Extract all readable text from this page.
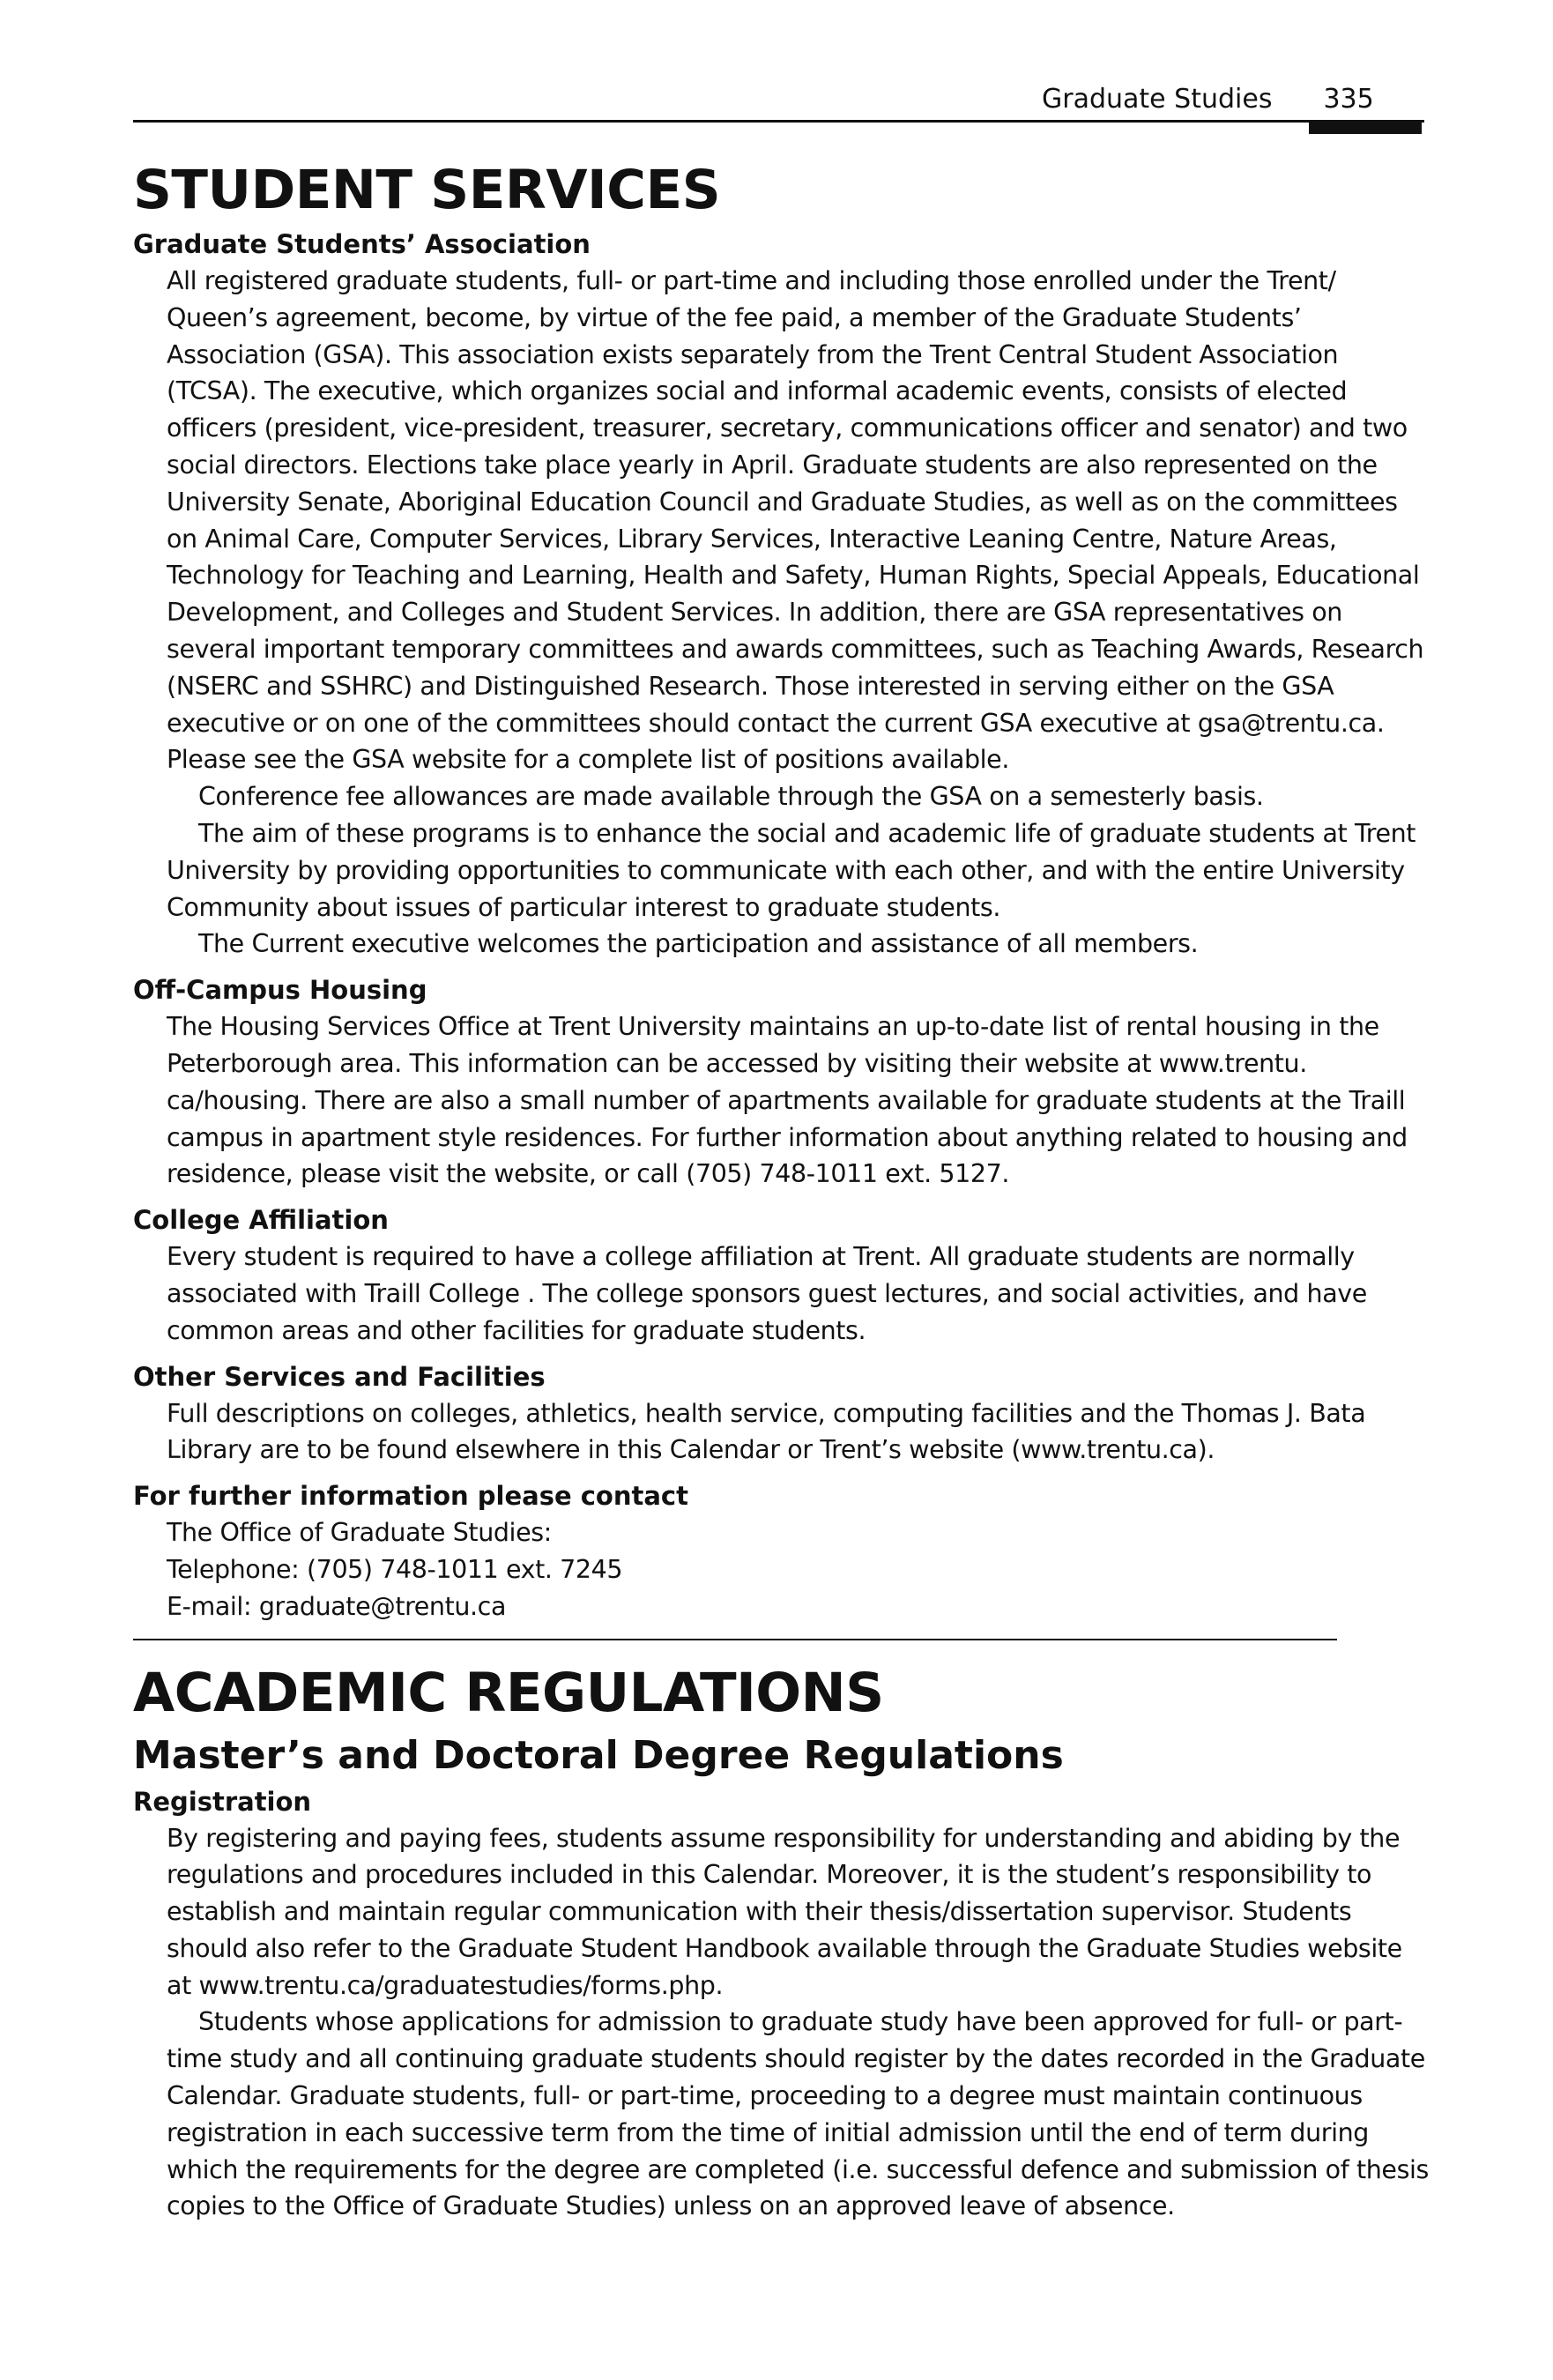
Graduate Studies 335
STUDENT SERVICES
Graduate Students’ Association

All registered graduate students, full- or part-time and including those enrolled under the Trent/ Queen’s agreement, become, by virtue of the fee paid, a member of the Graduate Students’ Association (GSA). This association exists separately from the Trent Central Student Association (TCSA). The executive, which organizes social and informal academic events, consists of elected officers (president, vice-president, treasurer, secretary, communications officer and senator) and two social directors. Elections take place yearly in April. Graduate students are also represented on the University Senate, Aboriginal Education Council and Graduate Studies, as well as on the committees on Animal Care, Computer Services, Library Services, Interactive Leaning Centre, Nature Areas, Technology for Teaching and Learning, Health and Safety, Human Rights, Special Appeals, Educational Development, and Colleges and Student Services. In addition, there are GSA representatives on several important temporary committees and awards committees, such as Teaching Awards, Research (NSERC and SSHRC) and Distinguished Research. Those interested in serving either on the GSA executive or on one of the committees should contact the current GSA executive at gsa@trentu.ca. Please see the GSA website for a complete list of positions available.

Conference fee allowances are made available through the GSA on a semesterly basis.

The aim of these programs is to enhance the social and academic life of graduate students at Trent University by providing opportunities to communicate with each other, and with the entire University Community about issues of particular interest to graduate students.

The Current executive welcomes the participation and assistance of all members.

Off-Campus Housing

The Housing Services Office at Trent University maintains an up-to-date list of rental housing in the Peterborough area. This information can be accessed by visiting their website at www.trentu. ca/housing. There are also a small number of apartments available for graduate students at the Traill campus in apartment style residences. For further information about anything related to housing and residence, please visit the website, or call (705) 748-1011 ext. 5127.

College Affiliation

Every student is required to have a college affiliation at Trent. All graduate students are normally associated with Traill College . The college sponsors guest lectures, and social activities, and have common areas and other facilities for graduate students.

Other Services and Facilities

Full descriptions on colleges, athletics, health service, computing facilities and the Thomas J. Bata Library are to be found elsewhere in this Calendar or Trent’s website (www.trentu.ca).

For further information please contact
The Office of Graduate Studies:
Telephone: (705) 748-1011 ext. 7245
E-mail: graduate@trentu.ca
ACADEMIC REGULATIONS
Master’s and Doctoral Degree Regulations
Registration

By registering and paying fees, students assume responsibility for understanding and abiding by the regulations and procedures included in this Calendar. Moreover, it is the student’s responsibility to establish and maintain regular communication with their thesis/dissertation supervisor. Students should also refer to the Graduate Student Handbook available through the Graduate Studies website at www.trentu.ca/graduatestudies/forms.php.

Students whose applications for admission to graduate study have been approved for full- or part-time study and all continuing graduate students should register by the dates recorded in the Graduate Calendar. Graduate students, full- or part-time, proceeding to a degree must maintain continuous registration in each successive term from the time of initial admission until the end of term during which the requirements for the degree are completed (i.e. successful defence and submission of thesis copies to the Office of Graduate Studies) unless on an approved leave of absence.
